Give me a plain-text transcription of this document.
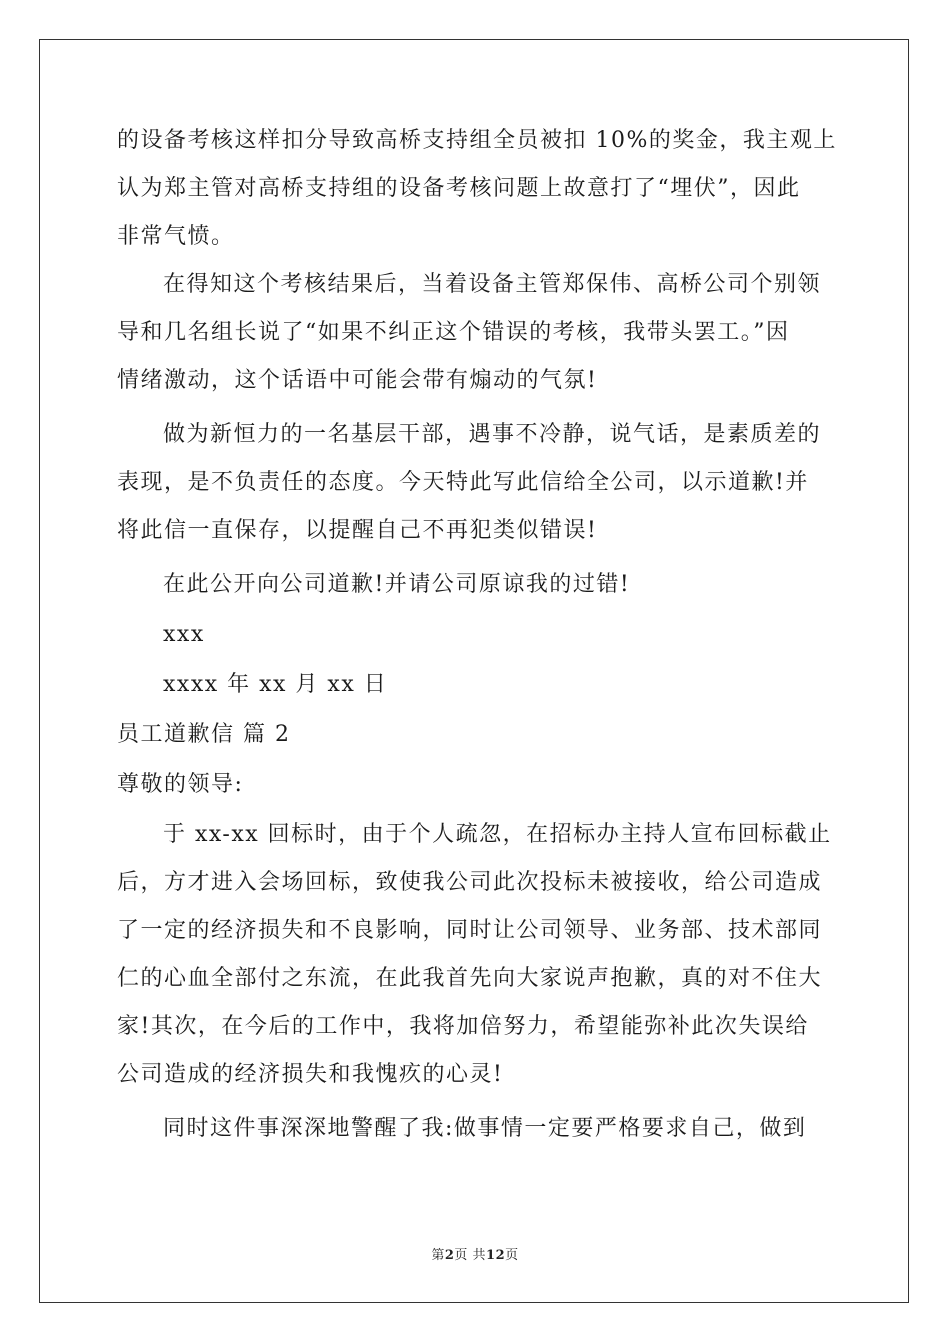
的设备考核这样扣分导致高桥支持组全员被扣 10%的奖金，我主观上
认为郑主管对高桥支持组的设备考核问题上故意打了“埋伏”，因此
非常气愤。
在得知这个考核结果后，当着设备主管郑保伟、高桥公司个别领
导和几名组长说了“如果不纠正这个错误的考核，我带头罢工。”因
情绪激动，这个话语中可能会带有煽动的气氛!
做为新恒力的一名基层干部，遇事不冷静，说气话，是素质差的
表现，是不负责任的态度。今天特此写此信给全公司，以示道歉!并
将此信一直保存，以提醒自己不再犯类似错误!
在此公开向公司道歉!并请公司原谅我的过错!
xxx
xxxx 年 xx 月 xx 日
员工道歉信 篇 2
尊敬的领导:
于 xx-xx 回标时，由于个人疏忽，在招标办主持人宣布回标截止
后，方才进入会场回标，致使我公司此次投标未被接收，给公司造成
了一定的经济损失和不良影响，同时让公司领导、业务部、技术部同
仁的心血全部付之东流，在此我首先向大家说声抱歉，真的对不住大
家!其次，在今后的工作中，我将加倍努力，希望能弥补此次失误给
公司造成的经济损失和我愧疚的心灵!
同时这件事深深地警醒了我:做事情一定要严格要求自己，做到
第2页 共12页
